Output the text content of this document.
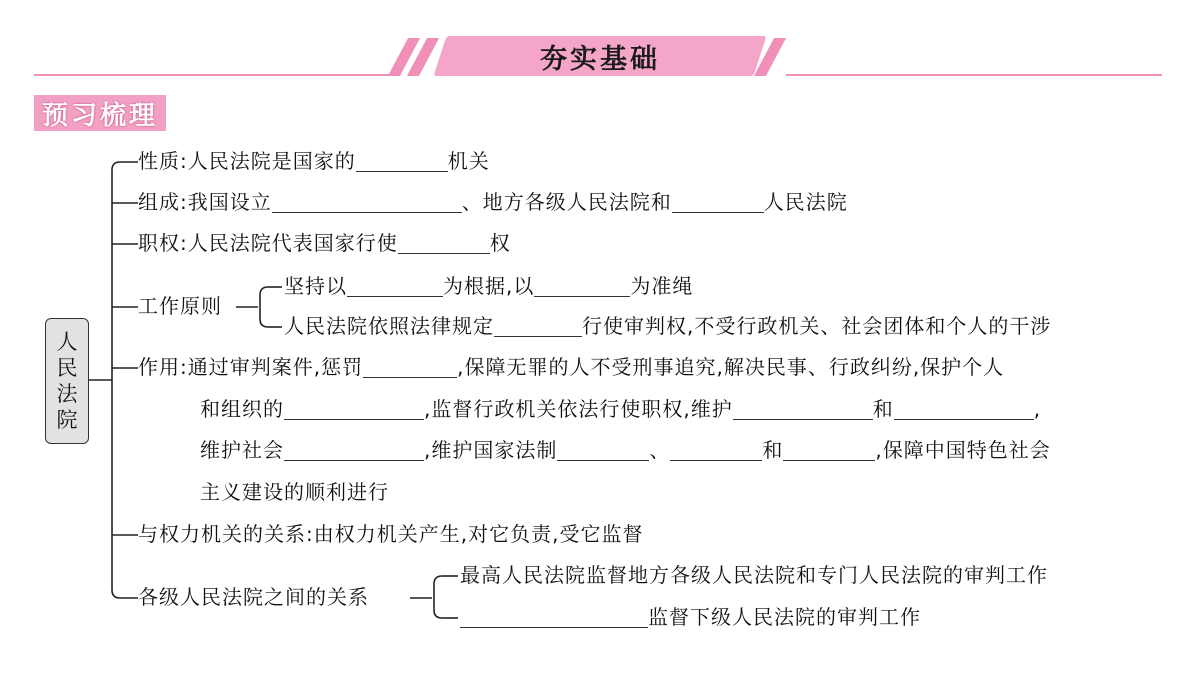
夯实基础
预习梳理
人
民
法
院
性质:人民法院是国家的	机关
组成:我国设立	、地方各级人民法院和	人民法院
职权:人民法院代表国家行使	权
工作原则
坚持以	为根据,以	为准绳
人民法院依照法律规定	行使审判权,不受行政机关、社会团体和个人的干涉
作用:通过审判案件,惩罚	,保障无罪的人不受刑事追究,解决民事、行政纠纷,保护个人
和组织的	,监督行政机关依法行使职权,维护	和	,
维护社会	,维护国家法制	、	和	,保障中国特色社会
主义建设的顺利进行
与权力机关的关系:由权力机关产生,对它负责,受它监督
各级人民法院之间的关系
最高人民法院监督地方各级人民法院和专门人民法院的审判工作
监督下级人民法院的审判工作
